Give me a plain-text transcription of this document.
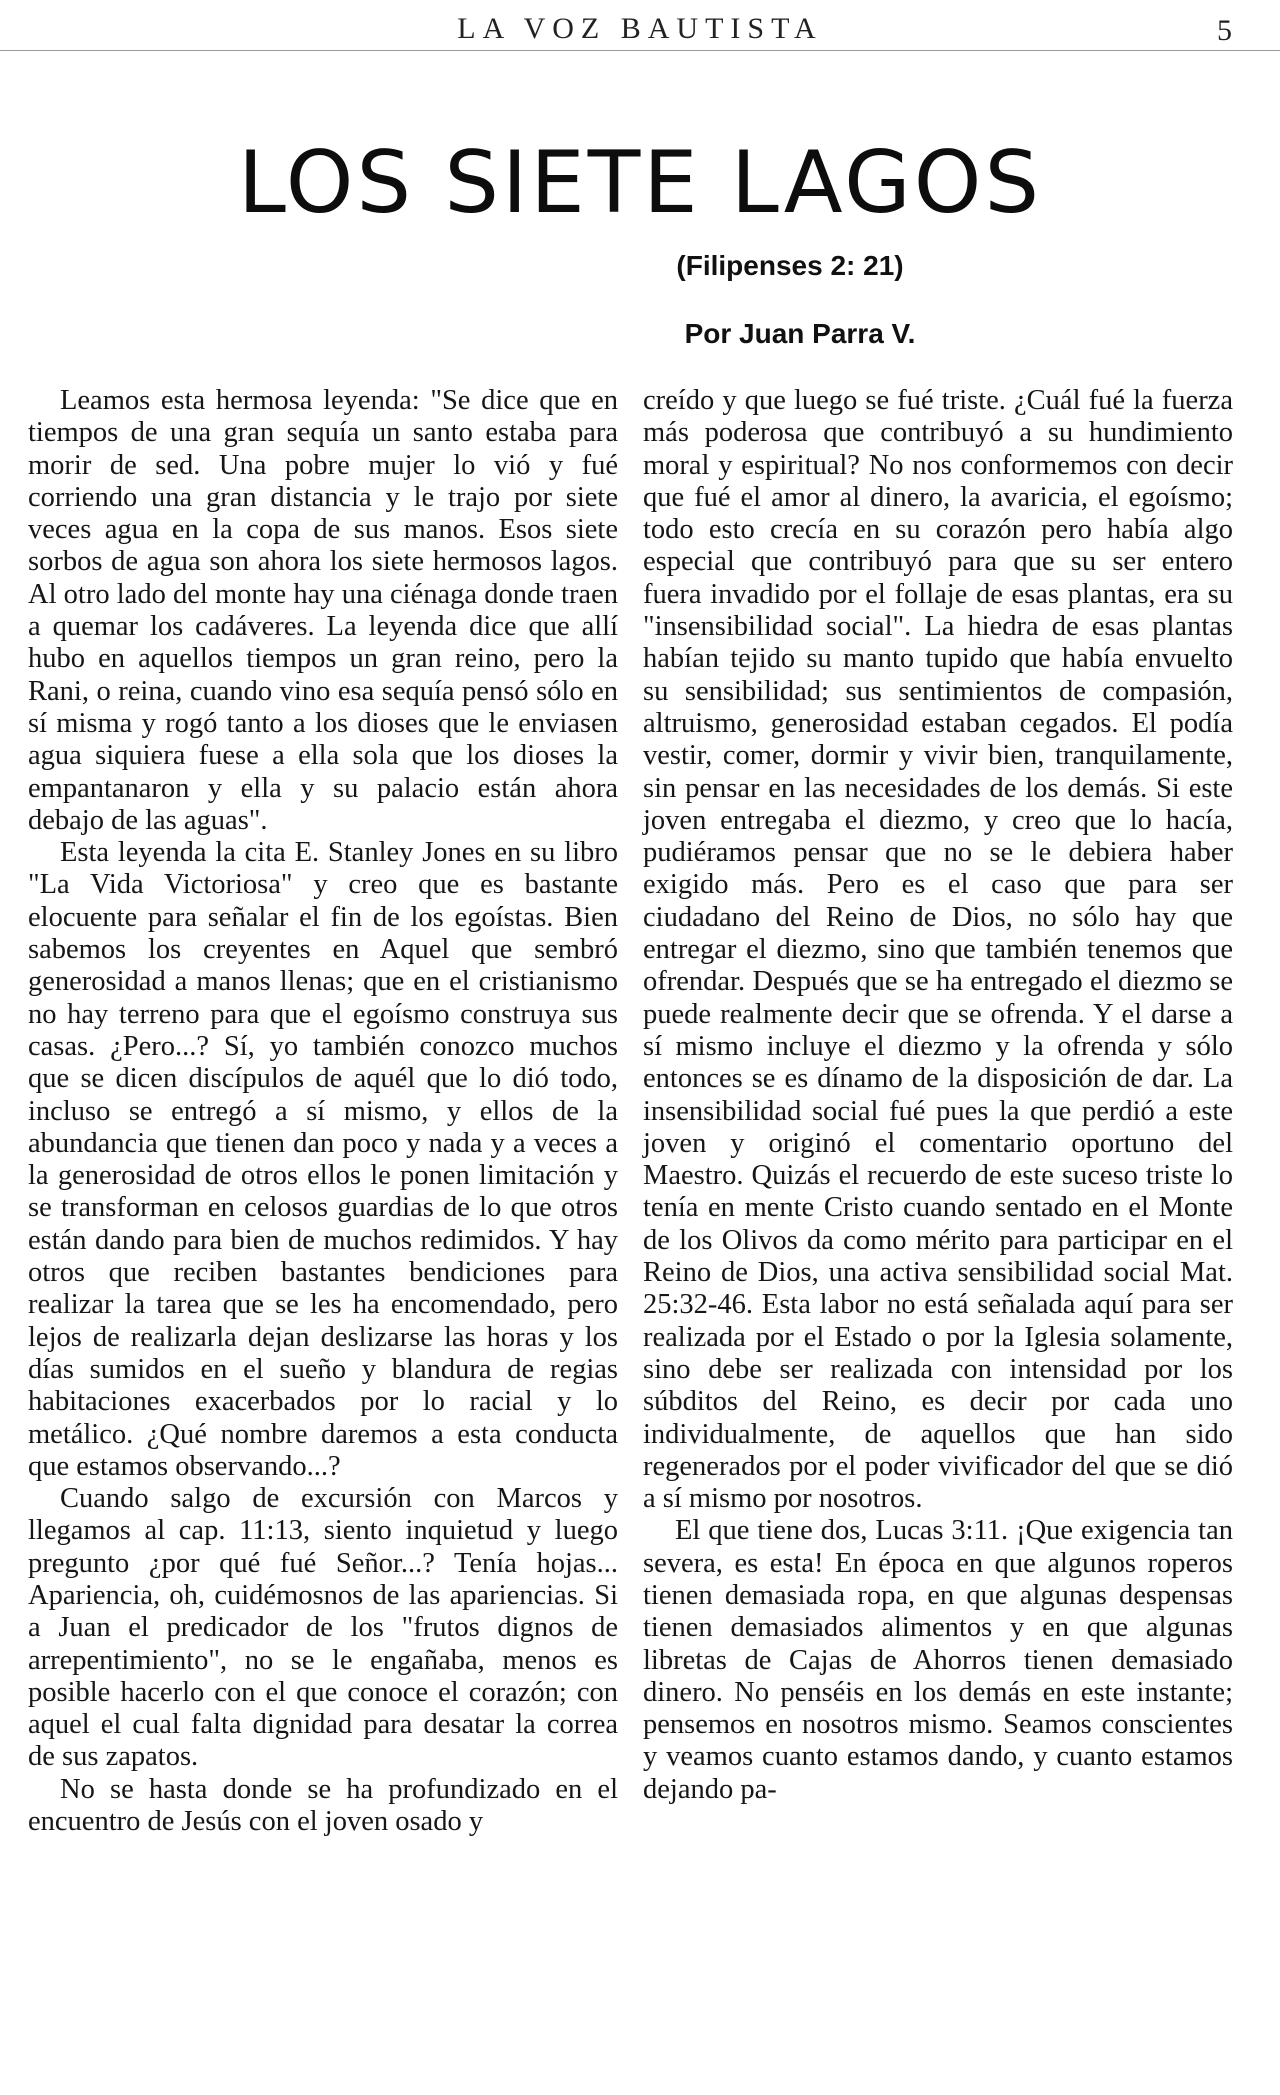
LA VOZ BAUTISTA	5
LOS SIETE LAGOS
(Filipenses 2: 21)
Por Juan Parra V.

Leamos esta hermosa leyenda: "Se dice que en tiempos de una gran sequía un santo estaba para morir de sed. Una pobre mujer lo vió y fué corriendo una gran distancia y le trajo por siete veces agua en la copa de sus manos. Esos siete sorbos de agua son ahora los siete hermosos lagos. Al otro lado del monte hay una ciénaga donde traen a quemar los cadáveres. La leyenda dice que allí hubo en aquellos tiempos un gran reino, pero la Rani, o reina, cuando vino esa sequía pensó sólo en sí misma y rogó tanto a los dioses que le enviasen agua siquiera fuese a ella sola que los dioses la empantanaron y ella y su palacio están ahora debajo de las aguas".

Esta leyenda la cita E. Stanley Jones en su libro "La Vida Victoriosa" y creo que es bastante elocuente para señalar el fin de los egoístas. Bien sabemos los creyentes en Aquel que sembró generosidad a manos llenas; que en el cristianismo no hay terreno para que el egoísmo construya sus casas. ¿Pero...? Sí, yo también conozco muchos que se dicen discípulos de aquél que lo dió todo, incluso se entregó a sí mismo, y ellos de la abundancia que tienen dan poco y nada y a veces a la generosidad de otros ellos le ponen limitación y se transforman en celosos guardias de lo que otros están dando para bien de muchos redimidos. Y hay otros que reciben bastantes bendiciones para realizar la tarea que se les ha encomendado, pero lejos de realizarla dejan deslizarse las horas y los días sumidos en el sueño y blandura de regias habitaciones exacerbados por lo racial y lo metálico. ¿Qué nombre daremos a esta conducta que estamos observando...?

Cuando salgo de excursión con Marcos y llegamos al cap. 11:13, siento inquietud y luego pregunto ¿por qué fué Señor...? Tenía hojas... Apariencia, oh, cuidémosnos de las apariencias. Si a Juan el predicador de los "frutos dignos de arrepentimiento", no se le engañaba, menos es posible hacerlo con el que conoce el corazón; con aquel el cual falta dignidad para desatar la correa de sus zapatos.

No se hasta donde se ha profundizado en el encuentro de Jesús con el joven osado y

creído y que luego se fué triste. ¿Cuál fué la fuerza más poderosa que contribuyó a su hundimiento moral y espiritual? No nos conformemos con decir que fué el amor al dinero, la avaricia, el egoísmo; todo esto crecía en su corazón pero había algo especial que contribuyó para que su ser entero fuera invadido por el follaje de esas plantas, era su "insensibilidad social". La hiedra de esas plantas habían tejido su manto tupido que había envuelto su sensibilidad; sus sentimientos de compasión, altruismo, generosidad estaban cegados. El podía vestir, comer, dormir y vivir bien, tranquilamente, sin pensar en las necesidades de los demás. Si este joven entregaba el diezmo, y creo que lo hacía, pudiéramos pensar que no se le debiera haber exigido más. Pero es el caso que para ser ciudadano del Reino de Dios, no sólo hay que entregar el diezmo, sino que también tenemos que ofrendar. Después que se ha entregado el diezmo se puede realmente decir que se ofrenda. Y el darse a sí mismo incluye el diezmo y la ofrenda y sólo entonces se es dínamo de la disposición de dar. La insensibilidad social fué pues la que perdió a este joven y originó el comentario oportuno del Maestro. Quizás el recuerdo de este suceso triste lo tenía en mente Cristo cuando sentado en el Monte de los Olivos da como mérito para participar en el Reino de Dios, una activa sensibilidad social Mat. 25:32-46. Esta labor no está señalada aquí para ser realizada por el Estado o por la Iglesia solamente, sino debe ser realizada con intensidad por los súbditos del Reino, es decir por cada uno individualmente, de aquellos que han sido regenerados por el poder vivificador del que se dió a sí mismo por nosotros.

El que tiene dos, Lucas 3:11. ¡Que exigencia tan severa, es esta! En época en que algunos roperos tienen demasiada ropa, en que algunas despensas tienen demasiados alimentos y en que algunas libretas de Cajas de Ahorros tienen demasiado dinero. No penséis en los demás en este instante; pensemos en nosotros mismo. Seamos conscientes y veamos cuanto estamos dando, y cuanto estamos dejando pa-
